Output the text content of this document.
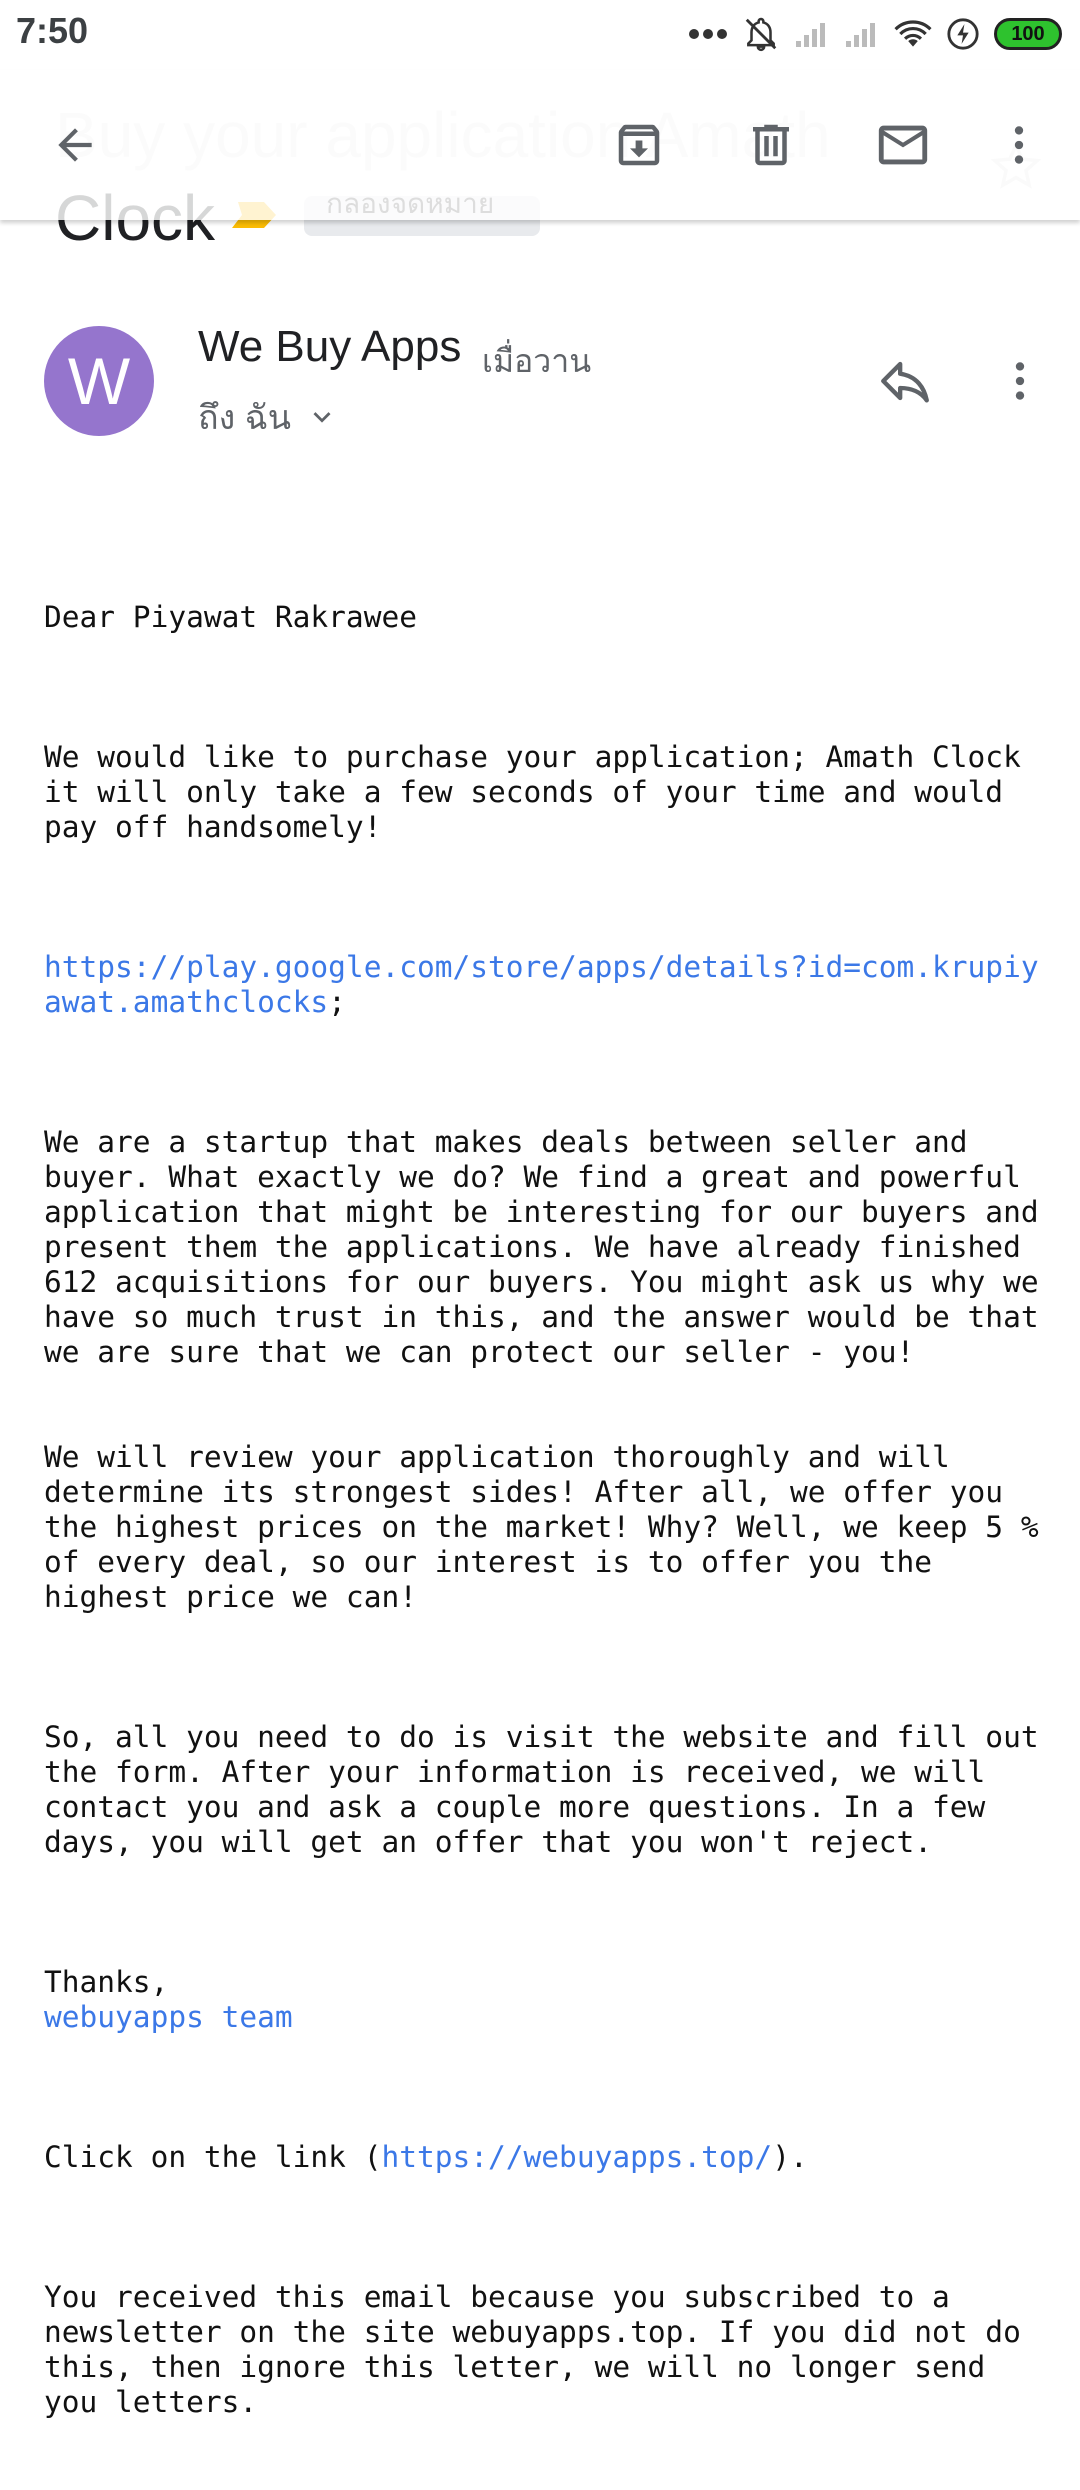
7:50	100
W We Buy Apps เมื่อวาน
ถึง ฉัน

Dear Piyawat Rakrawee

We would like to purchase your application; Amath Clock it will only take a few seconds of your time and would pay off handsomely!

https://play.google.com/store/apps/details?id=com.krupiyawat.amathclocks;

We are a startup that makes deals between seller and buyer. What exactly we do? We find a great and powerful application that might be interesting for our buyers and present them the applications. We have already finished 612 acquisitions for our buyers. You might ask us why we have so much trust in this, and the answer would be that we are sure that we can protect our seller - you!

We will review your application thoroughly and will determine its strongest sides! After all, we offer you the highest prices on the market! Why? Well, we keep 5 % of every deal, so our interest is to offer you the highest price we can!

So, all you need to do is visit the website and fill out the form. After your information is received, we will contact you and ask a couple more questions. In a few days, you will get an offer that you won't reject.

Thanks,
webuyapps team

Click on the link (https://webuyapps.top/).

You received this email because you subscribed to a newsletter on the site webuyapps.top. If you did not do this, then ignore this letter, we will no longer send you letters.
